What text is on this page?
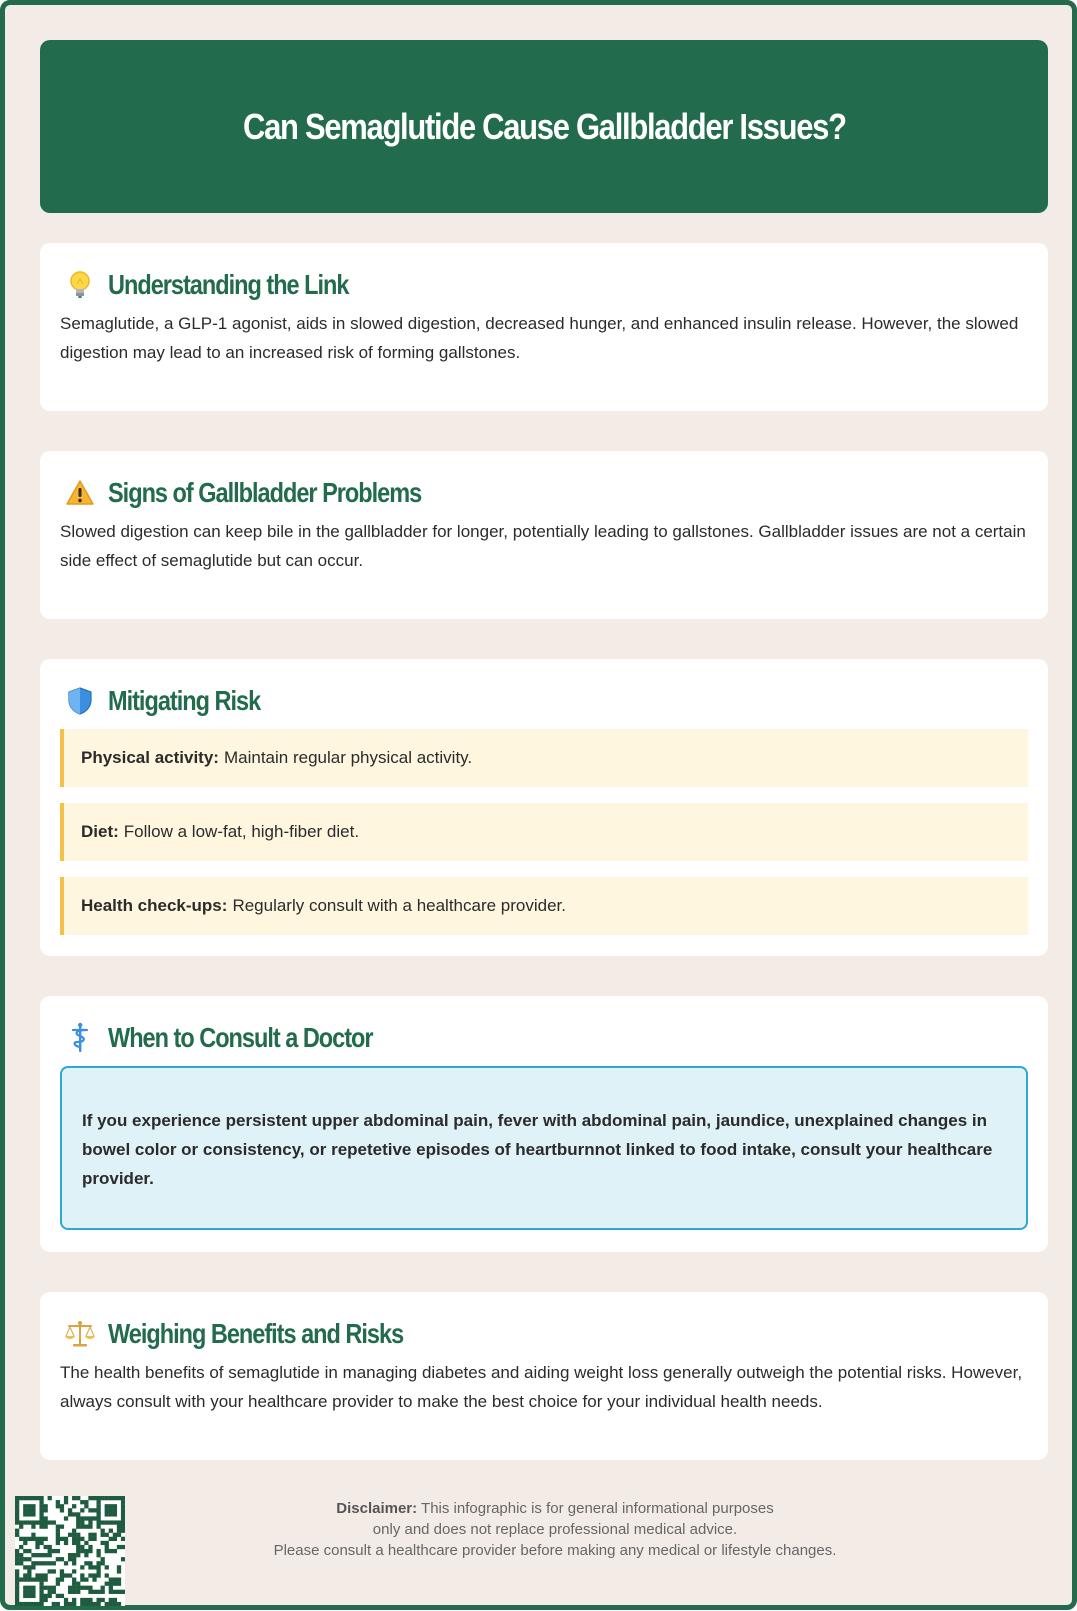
Can Semaglutide Cause Gallbladder Issues?
Understanding the Link
Semaglutide, a GLP-1 agonist, aids in slowed digestion, decreased hunger, and enhanced insulin release. However, the slowed digestion may lead to an increased risk of forming gallstones.
Signs of Gallbladder Problems
Slowed digestion can keep bile in the gallbladder for longer, potentially leading to gallstones. Gallbladder issues are not a certain side effect of semaglutide but can occur.
Mitigating Risk
Physical activity: Maintain regular physical activity.
Diet: Follow a low-fat, high-fiber diet.
Health check-ups: Regularly consult with a healthcare provider.
When to Consult a Doctor
If you experience persistent upper abdominal pain, fever with abdominal pain, jaundice, unexplained changes in bowel color or consistency, or repetetive episodes of heartburnnot linked to food intake, consult your healthcare provider.
Weighing Benefits and Risks
The health benefits of semaglutide in managing diabetes and aiding weight loss generally outweigh the potential risks. However, always consult with your healthcare provider to make the best choice for your individual health needs.
Disclaimer: This infographic is for general informational purposes
only and does not replace professional medical advice.
Please consult a healthcare provider before making any medical or lifestyle changes.
